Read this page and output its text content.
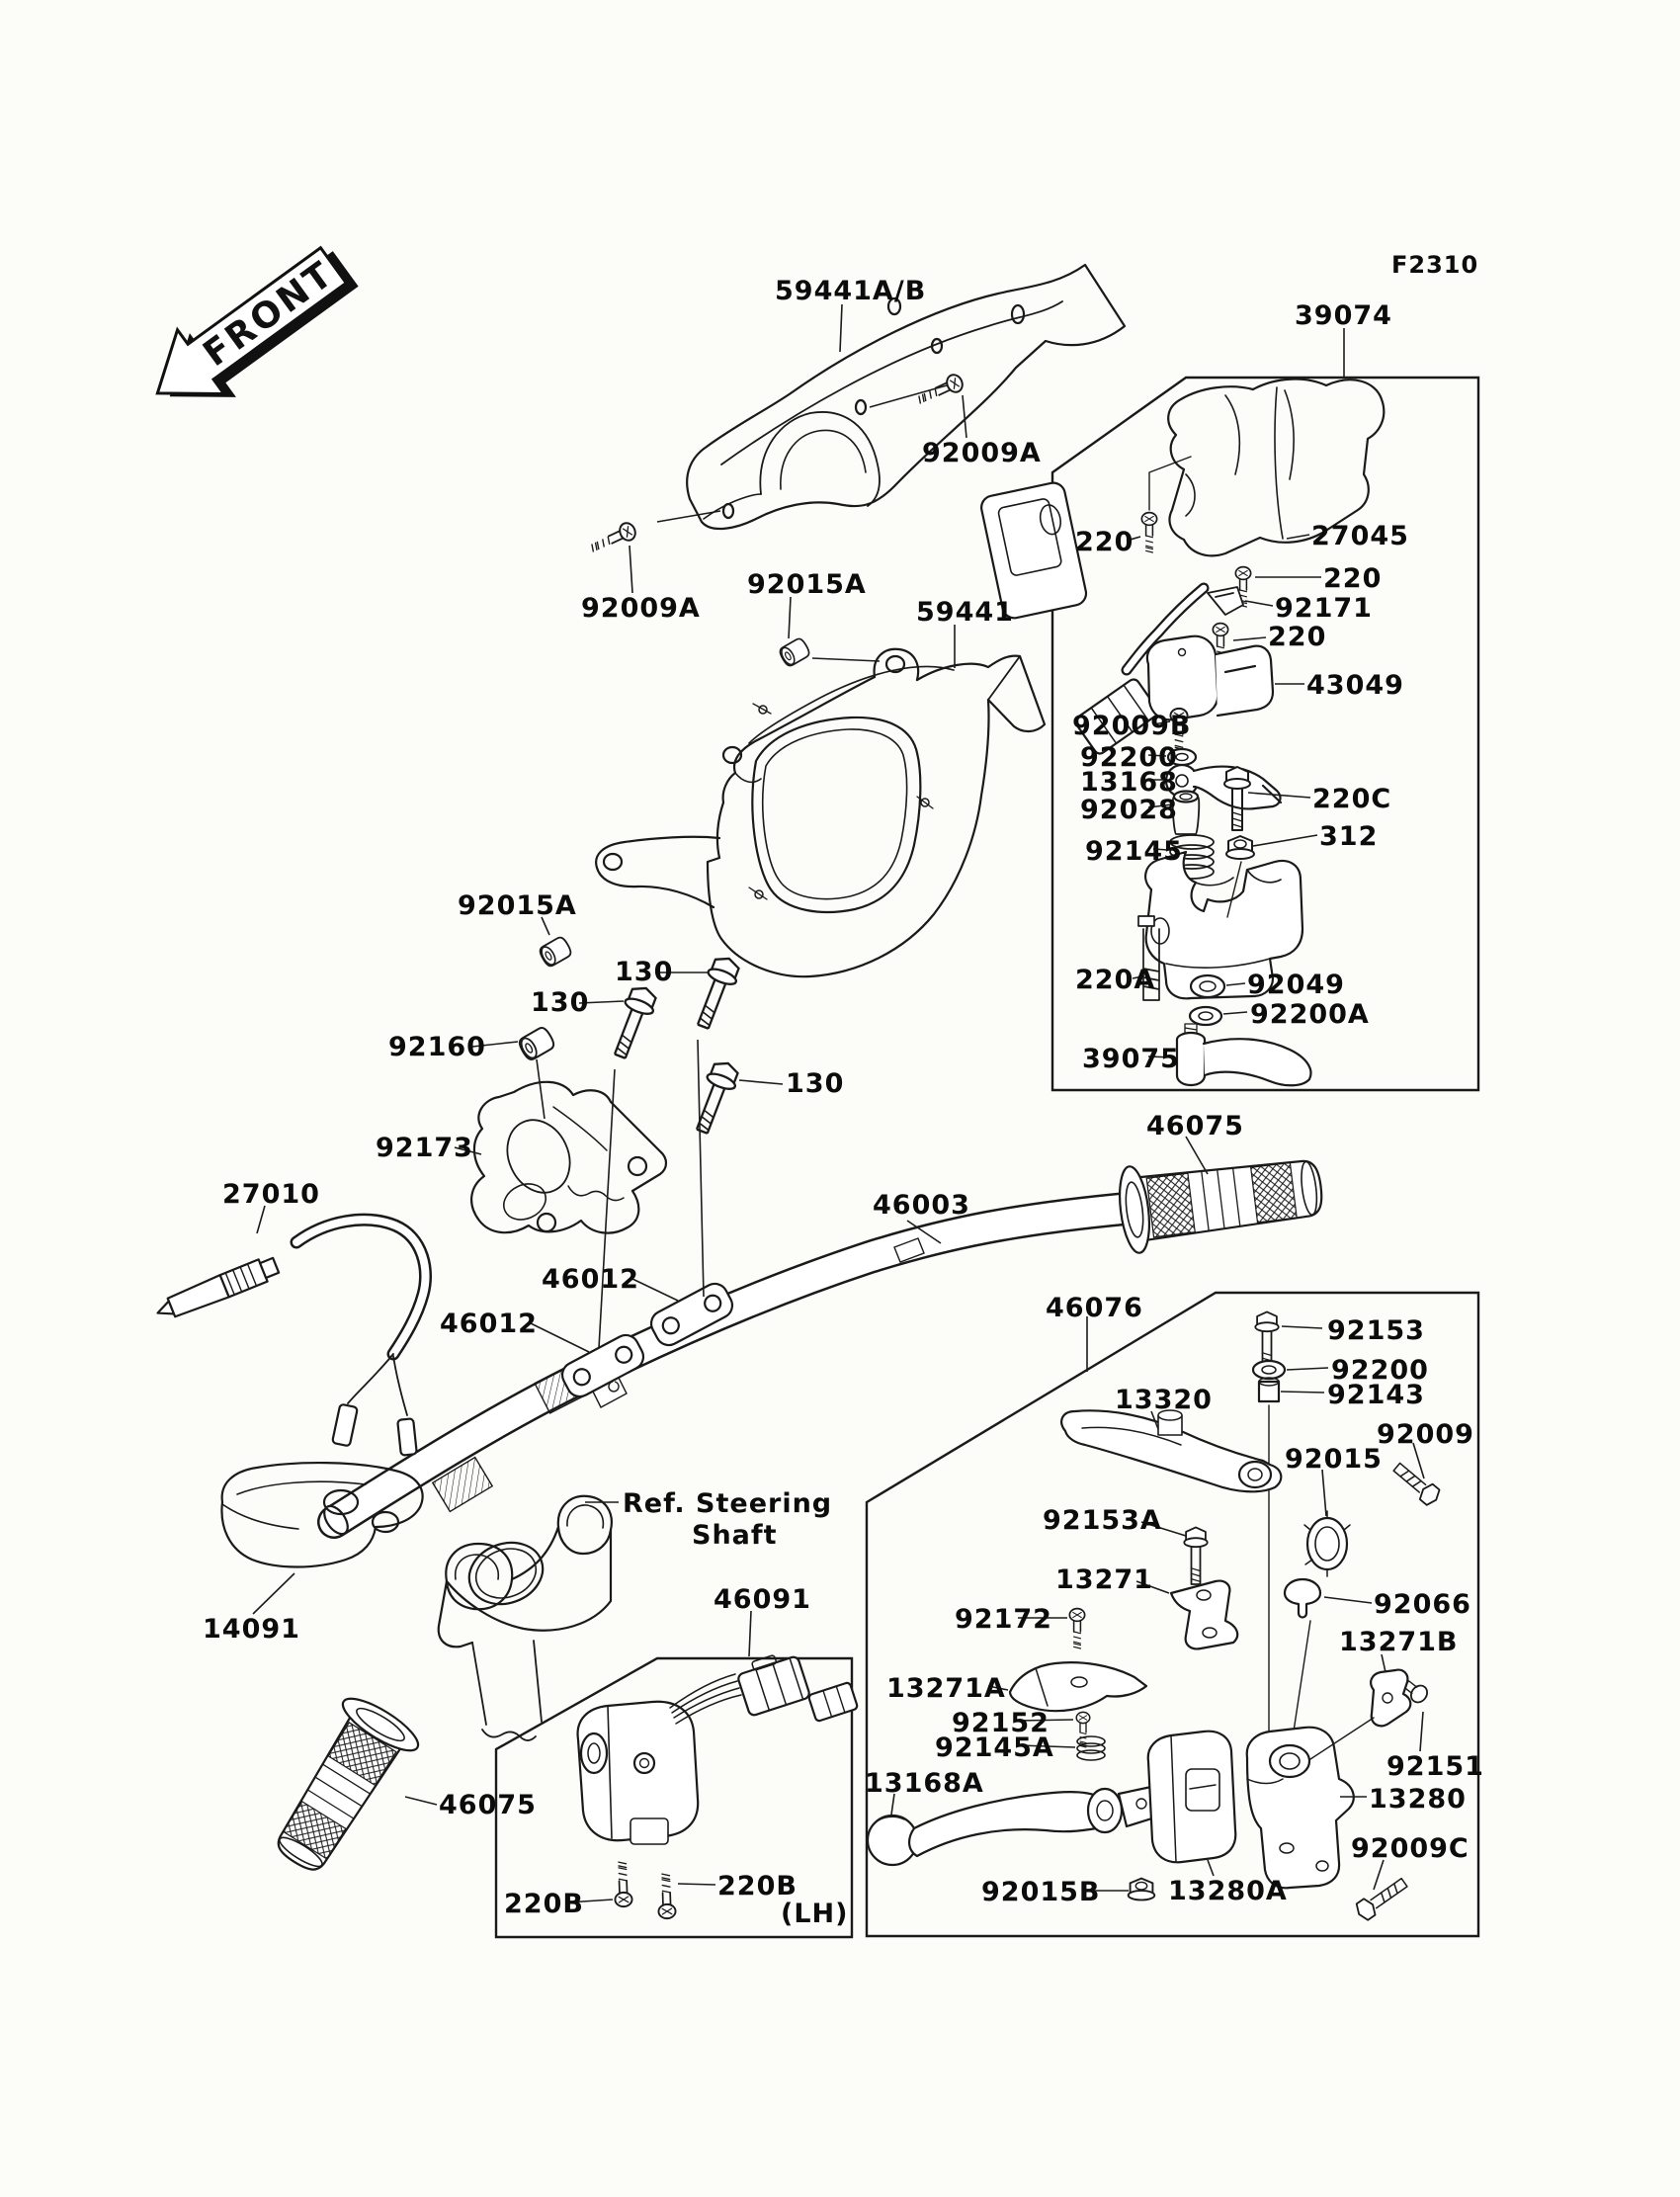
FRONT	F2310
59441A/B
39074
92009A
92009A
92015A
59441
92015A
130
130
130
92160
92173
46003
27010
46012
46012
Ref. Steering
Shaft
14091
46075
46075
46091
220B
220B
(LH)
46076
92153
92200
92143
13320
92009
92015
92153A
13271
92066
13271B
92172
13271A
92152
92145A
13168A
92151
13280
92009C
92015B	13280A
220	27045
220
92171
220
43049
92009B
92200
13168
92028	220C
312
92145
220A	92049
92200A
39075
